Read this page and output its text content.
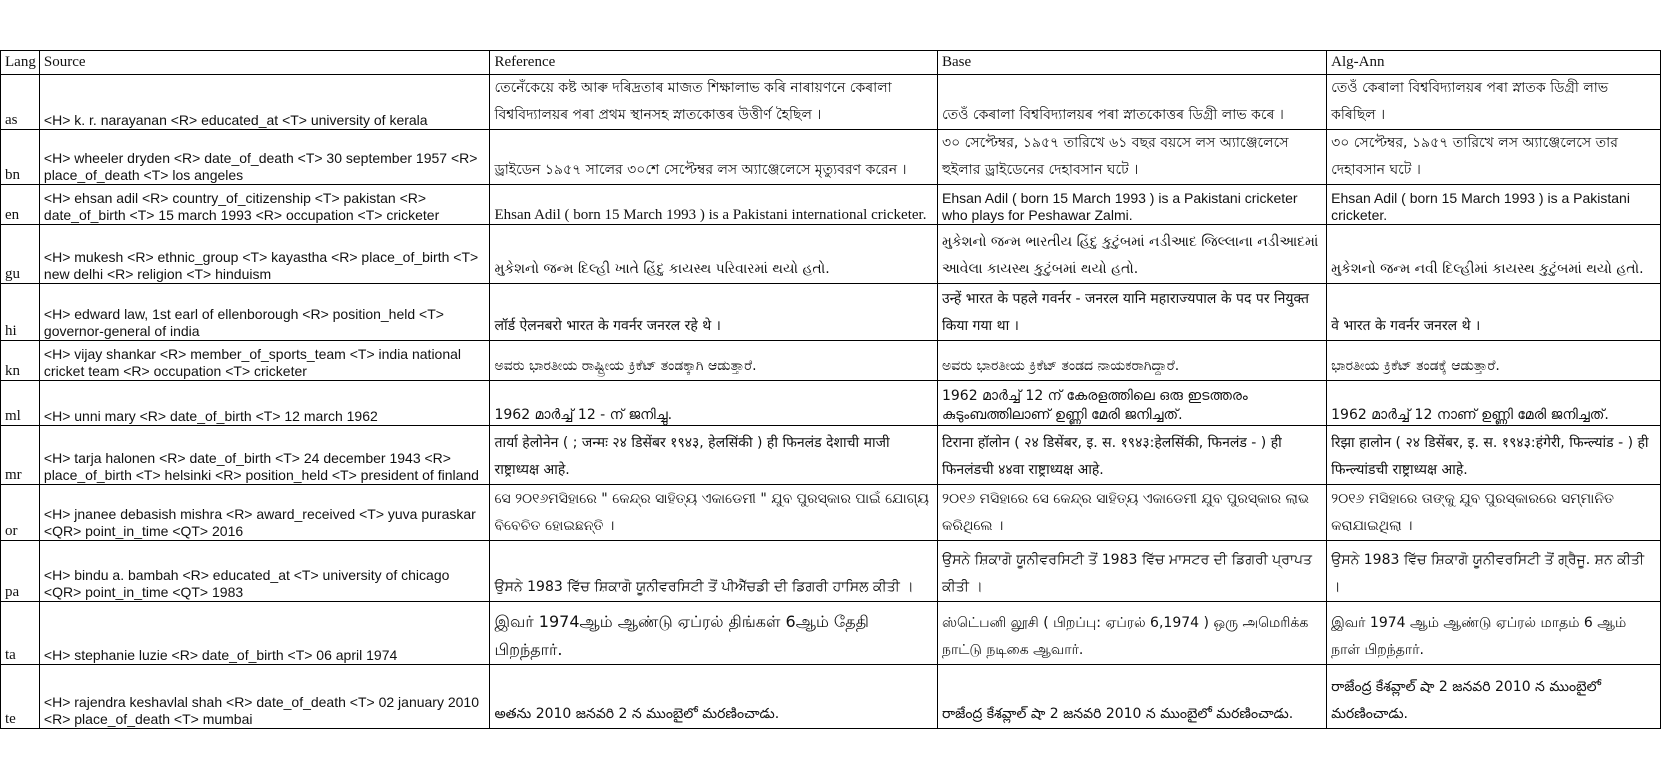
Lang	Source	Reference	Base	Alg-Ann
as	<H> k. r. narayanan <R> educated_at <T> university of kerala	তেনেঁকেয়ে কষ্ট আৰু দৰিদ্ৰতাৰ মাজত শিক্ষালাভ কৰি নাৰায়ণনে কেৰালা বিশ্ববিদ্যালয়ৰ পৰা প্ৰথম স্থানসহ স্নাতকোত্তৰ উত্তীৰ্ণ হৈছিল ।	তেওঁ কেৰালা বিশ্ববিদ্যালয়ৰ পৰা স্নাতকোত্তৰ ডিগ্ৰী লাভ কৰে ।	তেওঁ কেৰালা বিশ্ববিদ্যালয়ৰ পৰা স্নাতক ডিগ্ৰী লাভ কৰিছিল ।
bn	<H> wheeler dryden <R> date_of_death <T> 30 september 1957 <R> place_of_death <T> los angeles	ড্রাইডেন ১৯৫৭ সালের ৩০শে সেপ্টেম্বর লস অ্যাঞ্জেলেসে মৃত্যুবরণ করেন ।	৩০ সেপ্টেম্বর, ১৯৫৭ তারিখে ৬১ বছর বয়সে লস অ্যাঞ্জেলেসে হুইলার ড্রাইডেনের দেহাবসান ঘটে ।	৩০ সেপ্টেম্বর, ১৯৫৭ তারিখে লস অ্যাঞ্জেলেসে তার দেহাবসান ঘটে ।
en	<H> ehsan adil <R> country_of_citizenship <T> pakistan <R> date_of_birth <T> 15 march 1993 <R> occupation <T> cricketer	Ehsan Adil ( born 15 March 1993 ) is a Pakistani international cricketer.	Ehsan Adil ( born 15 March 1993 ) is a Pakistani cricketer who plays for Peshawar Zalmi.	Ehsan Adil ( born 15 March 1993 ) is a Pakistani cricketer.
gu	<H> mukesh <R> ethnic_group <T> kayastha <R> place_of_birth <T> new delhi <R> religion <T> hinduism	મુકેશનો જન્મ દિલ્હી ખાતે હિંદુ કાયસ્થ પરિવારમાં થયો હતો.	મુકેશનો જન્મ ભારતીય હિંદુ કુટુંબમાં નડીઆદ જિલ્લાના નડીઆદમાં આવેલા કાયસ્થ કુટુંબમાં થયો હતો.	મુકેશનો જન્મ નવી દિલ્હીમાં કાયસ્થ કુટુંબમાં થયો હતો.
hi	<H> edward law, 1st earl of ellenborough <R> position_held <T> governor-general of india	लॉर्ड ऐलनबरो भारत के गवर्नर जनरल रहे थे ।	उन्हें भारत के पहले गवर्नर - जनरल यानि महाराज्यपाल के पद पर नियुक्त किया गया था ।	वे भारत के गवर्नर जनरल थे ।
kn	<H> vijay shankar <R> member_of_sports_team <T> india national cricket team <R> occupation <T> cricketer	ಅವರು ಭಾರತೀಯ ರಾಷ್ಟ್ರೀಯ ಕ್ರಿಕೆಟ್ ತಂಡಕ್ಕಾಗಿ ಆಡುತ್ತಾರೆ.	ಅವರು ಭಾರತೀಯ ಕ್ರಿಕೆಟ್ ತಂಡದ ನಾಯಕರಾಗಿದ್ದಾರೆ.	ಭಾರತೀಯ ಕ್ರಿಕೆಟ್ ತಂಡಕ್ಕೆ ಆಡುತ್ತಾರೆ.
ml	<H> unni mary <R> date_of_birth <T> 12 march 1962	1962 മാർച്ച് 12 - ന് ജനിച്ചു.	1962 മാർച്ച് 12 ന് കേരളത്തിലെ ഒരു ഇടത്തരം കുടുംബത്തിലാണ് ഉണ്ണി മേരി ജനിച്ചത്.	1962 മാർച്ച് 12 നാണ് ഉണ്ണി മേരി ജനിച്ചത്.
mr	<H> tarja halonen <R> date_of_birth <T> 24 december 1943 <R> place_of_birth <T> helsinki <R> position_held <T> president of finland	तार्या हेलोनेन ( ; जन्मः २४ डिसेंबर १९४३, हेलसिंकी ) ही फिनलंड देशाची माजी राष्ट्राध्यक्ष आहे.	टिराना हॉलोन ( २४ डिसेंबर, इ. स. १९४३:हेलसिंकी, फिनलंड - ) ही फिनलंडची ४४वा राष्ट्राध्यक्ष आहे.	रिझा हालोन ( २४ डिसेंबर, इ. स. १९४३:हंगेरी, फिन्ल्यांड - ) ही फिन्ल्यांडची राष्ट्राध्यक्ष आहे.
or	<H> jnanee debasish mishra <R> award_received <T> yuva puraskar <QR> point_in_time <QT> 2016	ସେ ୨୦୧୬ମସିହାରେ " କେନ୍ଦ୍ର ସାହିତ୍ୟ ଏକାଡେମୀ " ଯୁବ ପୁରସ୍କାର ପାଇଁ ଯୋଗ୍ୟ ବିବେଚିତ ହୋଇଛନ୍ତି ।	୨୦୧୬ ମସିହାରେ ସେ କେନ୍ଦ୍ର ସାହିତ୍ୟ ଏକାଡେମୀ ଯୁବ ପୁରସ୍କାର ଲାଭ କରିଥିଲେ ।	୨୦୧୬ ମସିହାରେ ତାଙ୍କୁ ଯୁବ ପୁରସ୍କାରରେ ସମ୍ମାନିତ କରାଯାଇଥିଲା ।
pa	<H> bindu a. bambah <R> educated_at <T> university of chicago <QR> point_in_time <QT> 1983	ਉਸਨੇ 1983 ਵਿੱਚ ਸ਼ਿਕਾਗੋ ਯੂਨੀਵਰਸਿਟੀ ਤੋਂ ਪੀਐੱਚਡੀ ਦੀ ਡਿਗਰੀ ਹਾਸਿਲ ਕੀਤੀ ।	ਉਸਨੇ ਸ਼ਿਕਾਗੋ ਯੂਨੀਵਰਸਿਟੀ ਤੋਂ 1983 ਵਿੱਚ ਮਾਸਟਰ ਦੀ ਡਿਗਰੀ ਪ੍ਰਾਪਤ ਕੀਤੀ ।	ਉਸਨੇ 1983 ਵਿੱਚ ਸ਼ਿਕਾਗੋ ਯੂਨੀਵਰਸਿਟੀ ਤੋਂ ਗ੍ਰੈਜੂ. ਸ਼ਨ ਕੀਤੀ ।
ta	<H> stephanie luzie <R> date_of_birth <T> 06 april 1974	இவர் 1974ஆம் ஆண்டு ஏப்ரல் திங்கள் 6ஆம் தேதி பிறந்தார்.	ஸ்டெ்பனி லூசி ( பிறப்பு: ஏப்ரல் 6,1974 ) ஒரு அமெரிக்க நாட்டு நடிகை ஆவார்.	இவர் 1974 ஆம் ஆண்டு ஏப்ரல் மாதம் 6 ஆம் நாள் பிறந்தார்.
te	<H> rajendra keshavlal shah <R> date_of_death <T> 02 january 2010 <R> place_of_death <T> mumbai	అతను 2010 జనవరి 2 న ముంబైలో మరణించాడు.	రాజేంద్ర కేశవ్లాల్ షా 2 జనవరి 2010 న ముంబైలో మరణించాడు.	రాజేంద్ర కేశవ్లాల్ షా 2 జనవరి 2010 న ముంబైలో మరణించాడు.
